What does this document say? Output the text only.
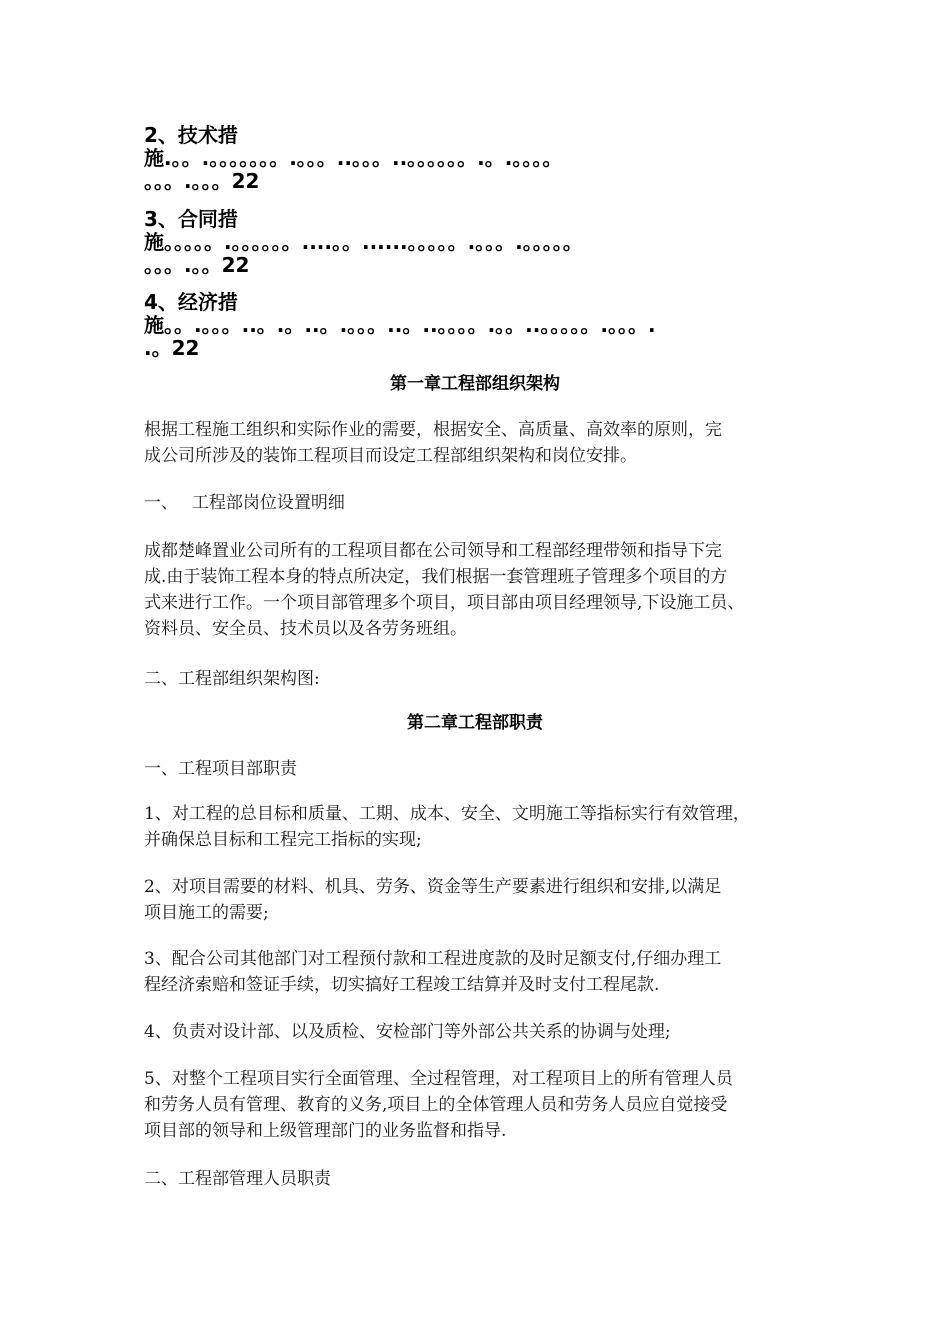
2、技术措
施.。。.。。。。。。。.。。。..。。。..。。。。。。.。.。。。。
。。。.。。。22
3、合同措
施。。。。。.。。。。。。....。。......。。。。。.。。。.。。。。。
。。。.。。22
4、经济措
施。。.。。。..。.。..。.。。。..。..。。。。.。。..。。。。。.。。。.
.。22
第一章工程部组织架构
根据工程施工组织和实际作业的需要，根据安全、高质量、高效率的原则，完
成公司所涉及的装饰工程项目而设定工程部组织架构和岗位安排。
一、　 工程部岗位设置明细
成都楚峰置业公司所有的工程项目都在公司领导和工程部经理带领和指导下完
成.由于装饰工程本身的特点所决定，我们根据一套管理班子管理多个项目的方
式来进行工作。一个项目部管理多个项目，项目部由项目经理领导,下设施工员、
资料员、安全员、技术员以及各劳务班组。
二、工程部组织架构图:
第二章工程部职责
一、工程项目部职责
1、对工程的总目标和质量、工期、成本、安全、文明施工等指标实行有效管理，
并确保总目标和工程完工指标的实现;
2、对项目需要的材料、机具、劳务、资金等生产要素进行组织和安排,以满足
项目施工的需要;
3、配合公司其他部门对工程预付款和工程进度款的及时足额支付,仔细办理工
程经济索赔和签证手续，切实搞好工程竣工结算并及时支付工程尾款.
4、负责对设计部、以及质检、安检部门等外部公共关系的协调与处理;
5、对整个工程项目实行全面管理、全过程管理，对工程项目上的所有管理人员
和劳务人员有管理、教育的义务,项目上的全体管理人员和劳务人员应自觉接受
项目部的领导和上级管理部门的业务监督和指导.
二、工程部管理人员职责
